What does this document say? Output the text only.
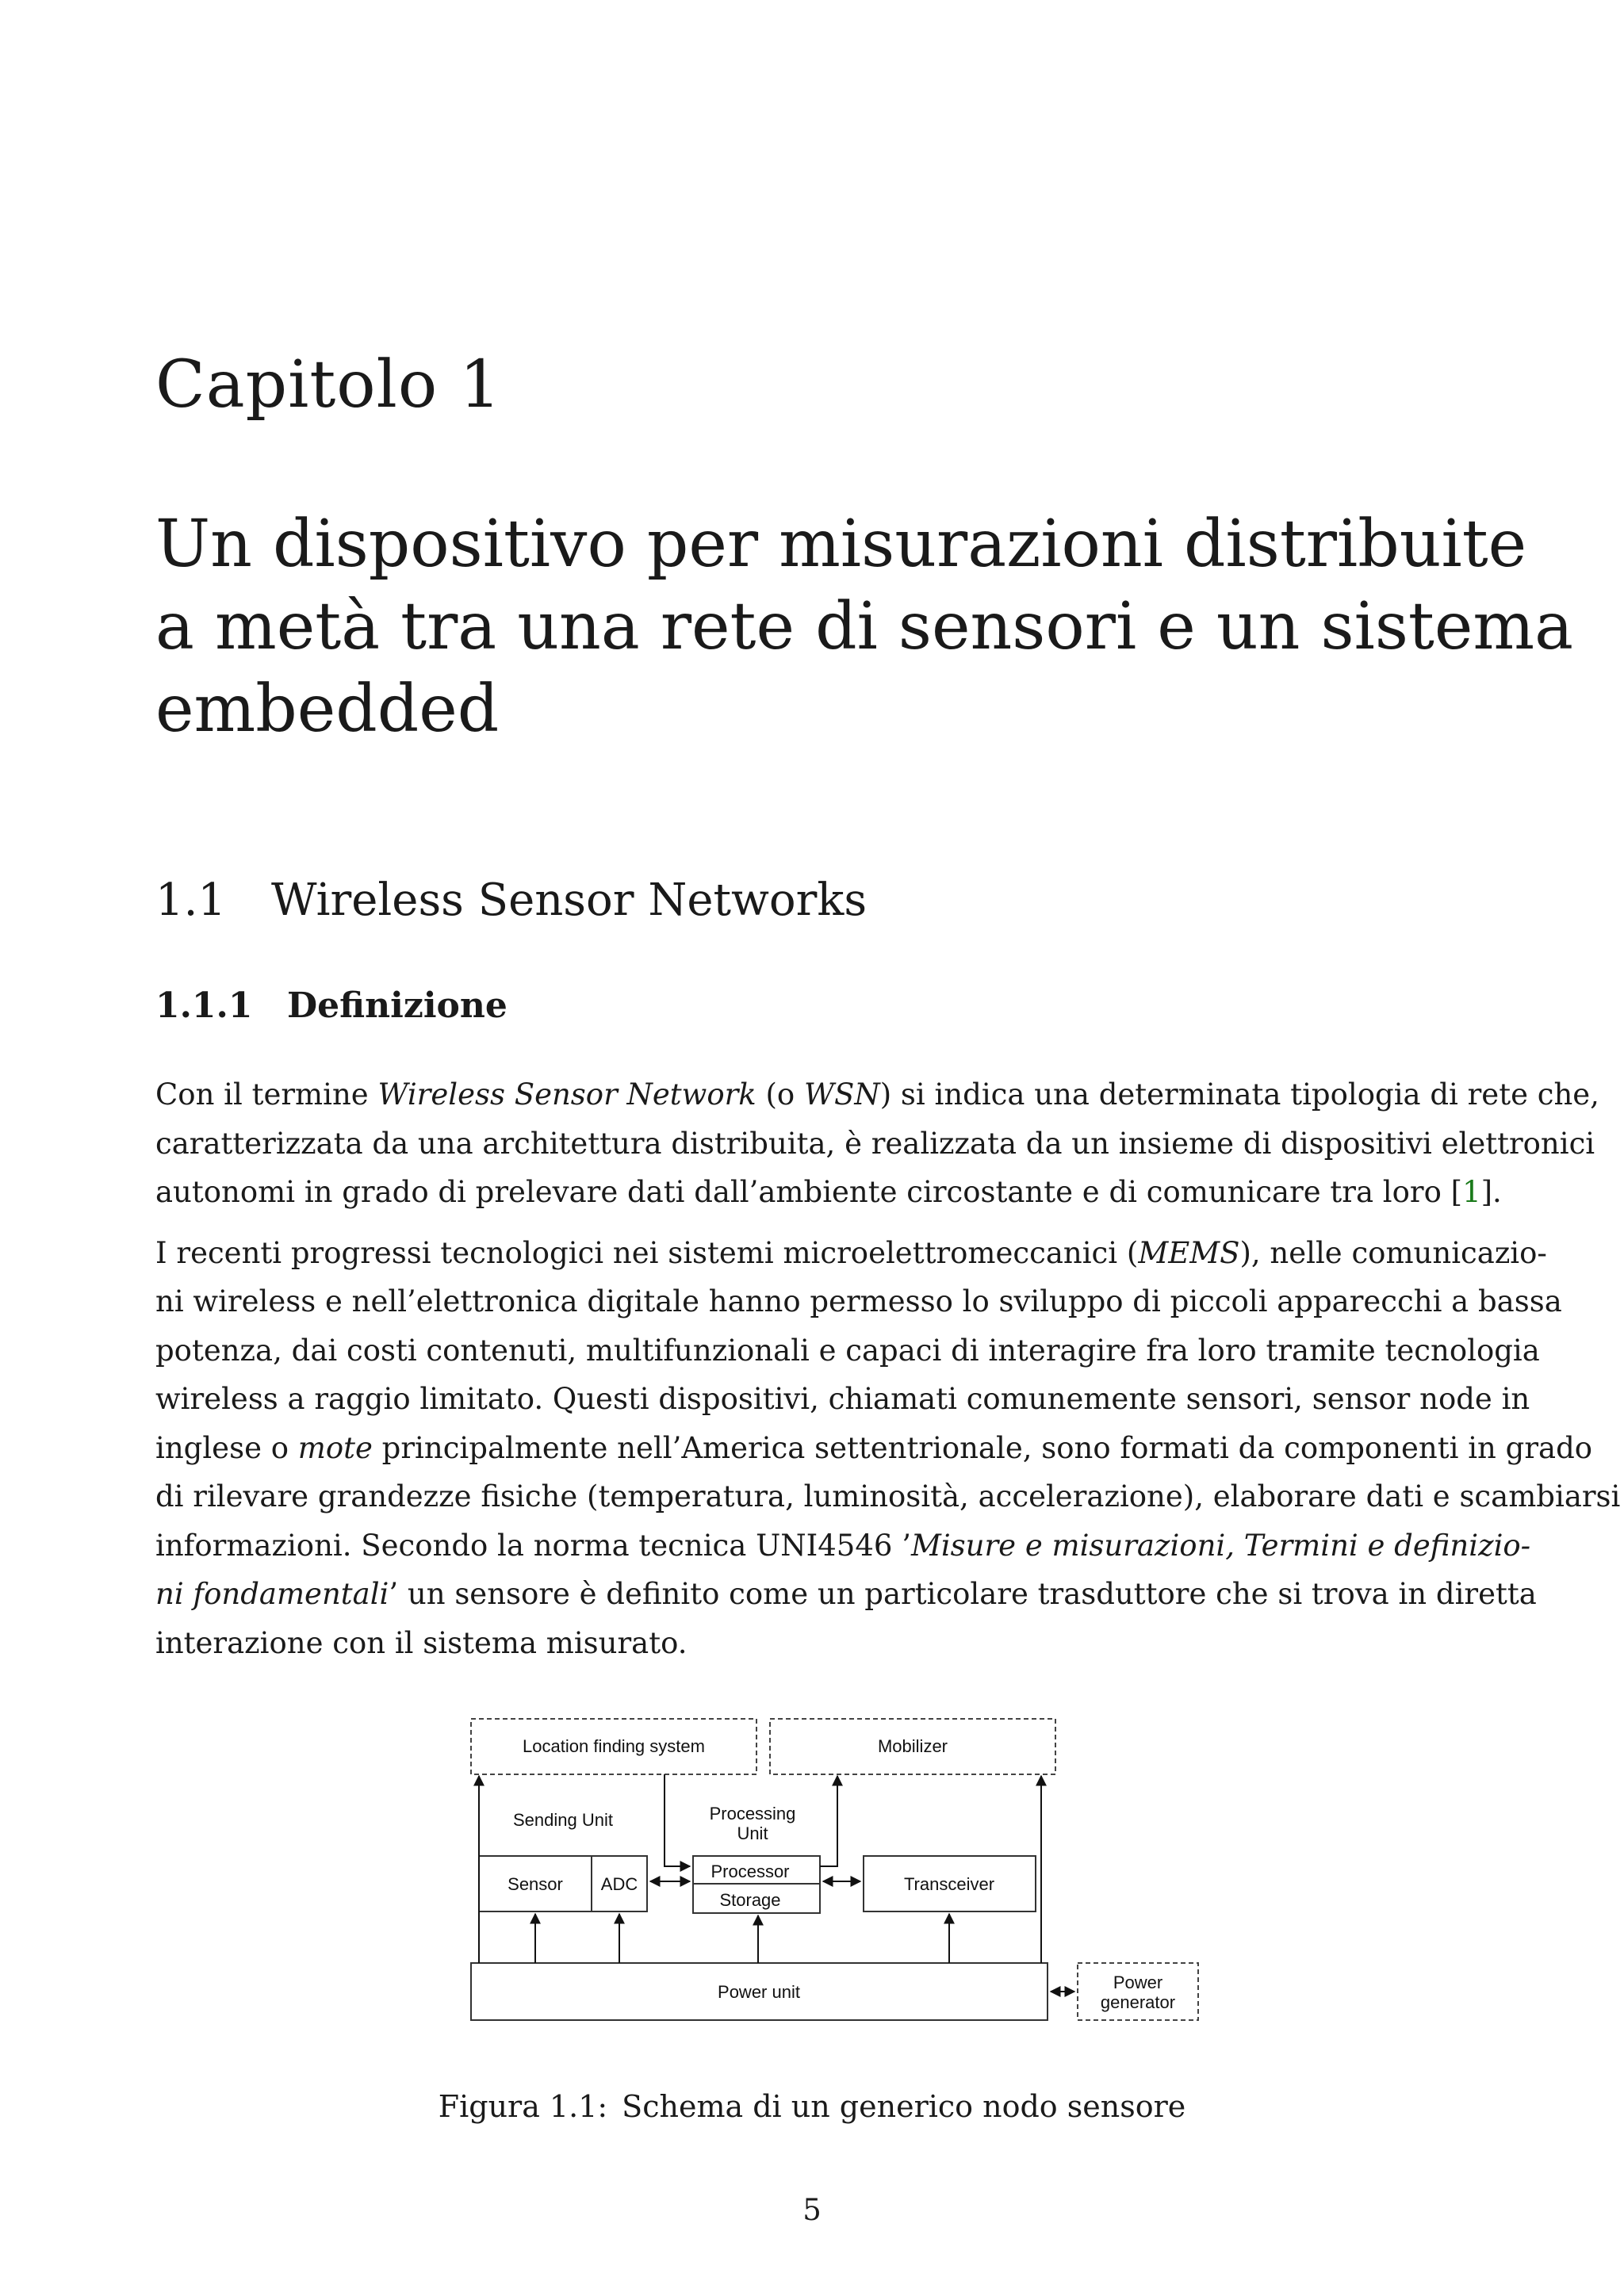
Capitolo 1
Un dispositivo per misurazioni distribuite
a metà tra una rete di sensori e un sistema
embedded
1.1 Wireless Sensor Networks
1.1.1 Definizione

Con il termine Wireless Sensor Network (o WSN) si indica una determinata tipologia di rete che,
caratterizzata da una architettura distribuita, è realizzata da un insieme di dispositivi elettronici
autonomi in grado di prelevare dati dall’ambiente circostante e di comunicare tra loro [1].

I recenti progressi tecnologici nei sistemi microelettromeccanici (MEMS), nelle comunicazio-
ni wireless e nell’elettronica digitale hanno permesso lo sviluppo di piccoli apparecchi a bassa
potenza, dai costi contenuti, multifunzionali e capaci di interagire fra loro tramite tecnologia
wireless a raggio limitato. Questi dispositivi, chiamati comunemente sensori, sensor node in
inglese o mote principalmente nell’America settentrionale, sono formati da componenti in grado
di rilevare grandezze fisiche (temperatura, luminosità, accelerazione), elaborare dati e scambiarsi
informazioni. Secondo la norma tecnica UNI4546 ’Misure e misurazioni, Termini e definizio-
ni fondamentali’ un sensore è definito come un particolare trasduttore che si trova in diretta
interazione con il sistema misurato.

Location finding system	Mobilizer
Sending Unit	Processing
Unit
Sensor ADC
Processor
Storage
Transceiver
Power unit	Power
generator

Figura 1.1: Schema di un generico nodo sensore

5
